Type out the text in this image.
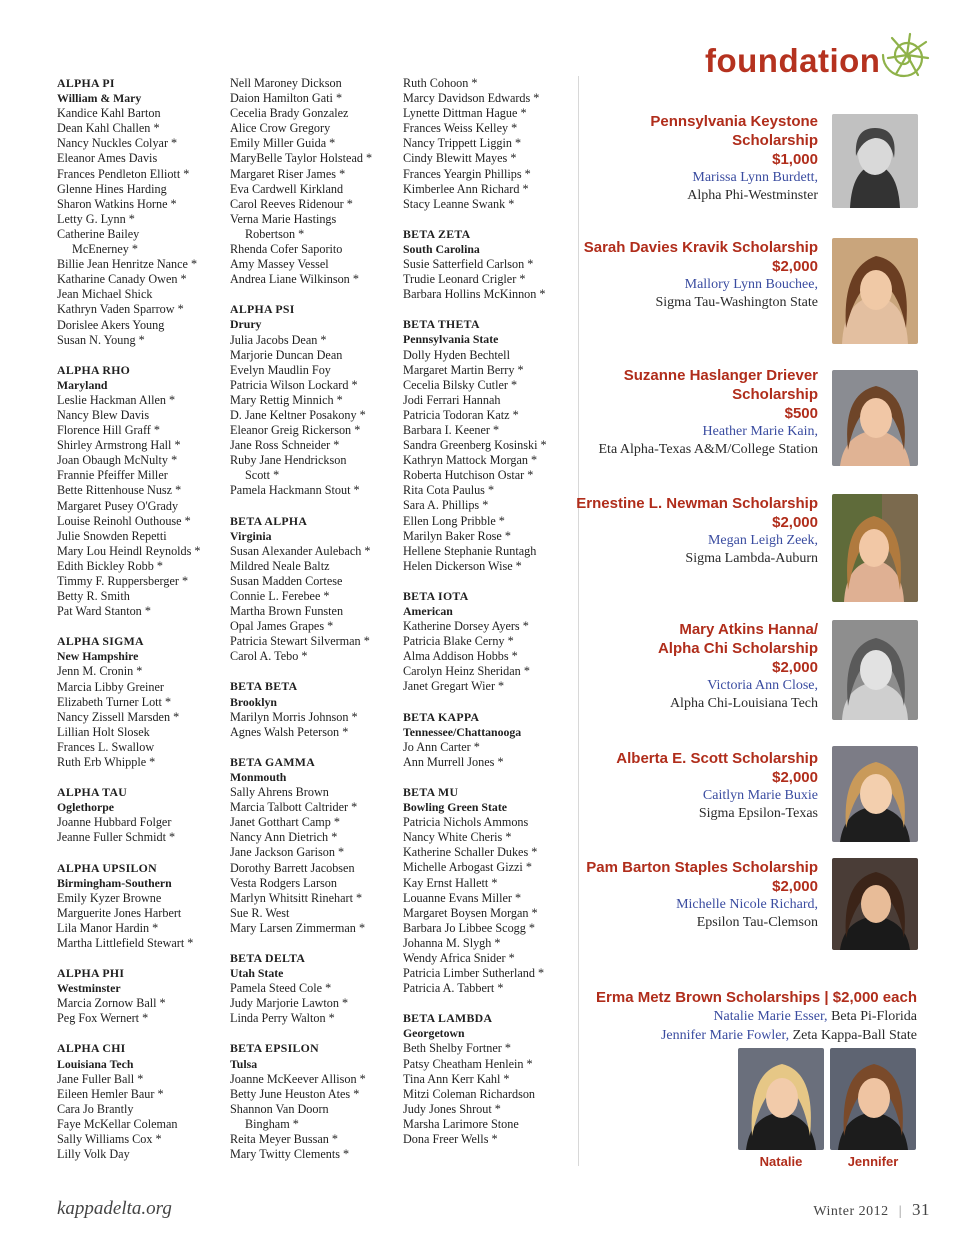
ALPHA PI
William & Mary
Kandice Kahl Barton
Dean Kahl Challen *
Nancy Nuckles Colyar *
Eleanor Ames Davis
Frances Pendleton Elliott *
Glenne Hines Harding
Sharon Watkins Horne *
Letty G. Lynn *
Catherine Bailey
McEnerney *
Billie Jean Henritze Nance *
Katharine Canady Owen *
Jean Michael Shick
Kathryn Vaden Sparrow *
Dorislee Akers Young
Susan N. Young *
ALPHA RHO
Maryland
Leslie Hackman Allen *
Nancy Blew Davis
Florence Hill Graff *
Shirley Armstrong Hall *
Joan Obaugh McNulty *
Frannie Pfeiffer Miller
Bette Rittenhouse Nusz *
Margaret Pusey O'Grady
Louise Reinohl Outhouse *
Julie Snowden Repetti
Mary Lou Heindl Reynolds *
Edith Bickley Robb *
Timmy F. Ruppersberger *
Betty R. Smith
Pat Ward Stanton *
ALPHA SIGMA
New Hampshire
Jenn M. Cronin *
Marcia Libby Greiner
Elizabeth Turner Lott *
Nancy Zissell Marsden *
Lillian Holt Slosek
Frances L. Swallow
Ruth Erb Whipple *
ALPHA TAU
Oglethorpe
Joanne Hubbard Folger
Jeanne Fuller Schmidt *
ALPHA UPSILON
Birmingham-Southern
Emily Kyzer Browne
Marguerite Jones Harbert
Lila Manor Hardin *
Martha Littlefield Stewart *
ALPHA PHI
Westminster
Marcia Zornow Ball *
Peg Fox Wernert *
ALPHA CHI
Louisiana Tech
Jane Fuller Ball *
Eileen Hemler Baur *
Cara Jo Brantly
Faye McKellar Coleman
Sally Williams Cox *
Lilly Volk Day
Nell Maroney Dickson
Daion Hamilton Gati *
Cecelia Brady Gonzalez
Alice Crow Gregory
Emily Miller Guida *
MaryBelle Taylor Holstead *
Margaret Riser James *
Eva Cardwell Kirkland
Carol Reeves Ridenour *
Verna Marie Hastings
Robertson *
Rhenda Cofer Saporito
Amy Massey Vessel
Andrea Liane Wilkinson *
ALPHA PSI
Drury
Julia Jacobs Dean *
Marjorie Duncan Dean
Evelyn Maudlin Foy
Patricia Wilson Lockard *
Mary Rettig Minnich *
D. Jane Keltner Posakony *
Eleanor Greig Rickerson *
Jane Ross Schneider *
Ruby Jane Hendrickson
Scott *
Pamela Hackmann Stout *
BETA ALPHA
Virginia
Susan Alexander Aulebach *
Mildred Neale Baltz
Susan Madden Cortese
Connie L. Ferebee *
Martha Brown Funsten
Opal James Grapes *
Patricia Stewart Silverman *
Carol A. Tebo *
BETA BETA
Brooklyn
Marilyn Morris Johnson *
Agnes Walsh Peterson *
BETA GAMMA
Monmouth
Sally Ahrens Brown
Marcia Talbott Caltrider *
Janet Gotthart Camp *
Nancy Ann Dietrich *
Jane Jackson Garison *
Dorothy Barrett Jacobsen
Vesta Rodgers Larson
Marlyn Whitsitt Rinehart *
Sue R. West
Mary Larsen Zimmerman *
BETA DELTA
Utah State
Pamela Steed Cole *
Judy Marjorie Lawton *
Linda Perry Walton *
BETA EPSILON
Tulsa
Joanne McKeever Allison *
Betty June Heuston Ates *
Shannon Van Doorn
Bingham *
Reita Meyer Bussan *
Mary Twitty Clements *
Ruth Cohoon *
Marcy Davidson Edwards *
Lynette Dittman Hague *
Frances Weiss Kelley *
Nancy Trippett Liggin *
Cindy Blewitt Mayes *
Frances Yeargin Phillips *
Kimberlee Ann Richard *
Stacy Leanne Swank *
BETA ZETA
South Carolina
Susie Satterfield Carlson *
Trudie Leonard Crigler *
Barbara Hollins McKinnon *
BETA THETA
Pennsylvania State
Dolly Hyden Bechtell
Margaret Martin Berry *
Cecelia Bilsky Cutler *
Jodi Ferrari Hannah
Patricia Todoran Katz *
Barbara I. Keener *
Sandra Greenberg Kosinski *
Kathryn Mattock Morgan *
Roberta Hutchison Ostar *
Rita Cota Paulus *
Sara A. Phillips *
Ellen Long Pribble *
Marilyn Baker Rose *
Hellene Stephanie Runtagh
Helen Dickerson Wise *
BETA IOTA
American
Katherine Dorsey Ayers *
Patricia Blake Cerny *
Alma Addison Hobbs *
Carolyn Heinz Sheridan *
Janet Gregart Wier *
BETA KAPPA
Tennessee/Chattanooga
Jo Ann Carter *
Ann Murrell Jones *
BETA MU
Bowling Green State
Patricia Nichols Ammons
Nancy White Cheris *
Katherine Schaller Dukes *
Michelle Arbogast Gizzi *
Kay Ernst Hallett *
Louanne Evans Miller *
Margaret Boysen Morgan *
Barbara Jo Libbee Scogg *
Johanna M. Slygh *
Wendy Africa Snider *
Patricia Limber Sutherland *
Patricia A. Tabbert *
BETA LAMBDA
Georgetown
Beth Shelby Fortner *
Patsy Cheatham Henlein *
Tina Ann Kerr Kahl *
Mitzi Coleman Richardson
Judy Jones Shrout *
Marsha Larimore Stone
Dona Freer Wells *
foundation
Pennsylvania Keystone
Scholarship
$1,000
Marissa Lynn Burdett,
Alpha Phi-Westminster
Sarah Davies Kravik Scholarship
$2,000
Mallory Lynn Bouchee,
Sigma Tau-Washington State
Suzanne Haslanger Driever
Scholarship
$500
Heather Marie Kain,
Eta Alpha-Texas A&M/College Station
Ernestine L. Newman Scholarship
$2,000
Megan Leigh Zeek,
Sigma Lambda-Auburn
Mary Atkins Hanna/
Alpha Chi Scholarship
$2,000
Victoria Ann Close,
Alpha Chi-Louisiana Tech
Alberta E. Scott Scholarship
$2,000
Caitlyn Marie Buxie
Sigma Epsilon-Texas
Pam Barton Staples Scholarship
$2,000
Michelle Nicole Richard,
Epsilon Tau-Clemson
Erma Metz Brown Scholarships | $2,000 each
Natalie Marie Esser, Beta Pi-Florida
Jennifer Marie Fowler, Zeta Kappa-Ball State
Natalie	Jennifer
kappadelta.org	Winter 2012 | 31
